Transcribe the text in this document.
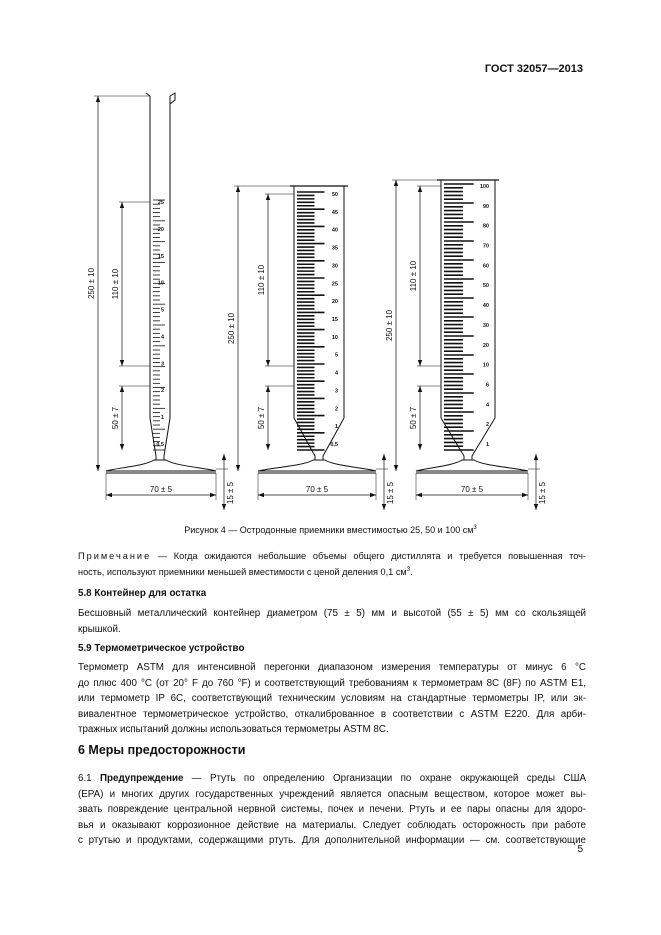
ГОСТ 32057—2013
25
20
15
10
5
4
3
2
1
0,5
250 ± 10 110 ± 10
50 ± 7
70 ± 5	15 ± 5
50
45
40
35
30
25
20
15
10
5
4
3
2
1
0,5
250 ± 10
110 ± 10
50 ± 7
70 ± 5	15 ± 5
100
90
80
70
60
50
40
30
20
10
6
4
2
1
250 ± 10
110 ± 10
50 ± 7
70 ± 5	15 ± 5
Рисунок 4 — Остродонные приемники вместимостью 25, 50 и 100 $см^3$
Примечание — Когда ожидаются небольшие объемы общего дистиллята и требуется повышенная точ-
ность, используют приемники меньшей вместимости с ценой деления 0,1 $см^3$.
5.8 Контейнер для остатка
Бесшовный металлический контейнер диаметром (75 ± 5) мм и высотой (55 ± 5) мм со скользящей
крышкой.
5.9 Термометрическое устройство
Термометр ASTM для интенсивной перегонки диапазоном измерения температуры от минус 6 °С
до плюс 400 °С (от 20° F до 760 °F) и соответствующий требованиям к термометрам 8С (8F) по ASTM E1,
или термометр IP 6C, соответствующий техническим условиям на стандартные термометры IP, или эк-
вивалентное термометрическое устройство, откалиброванное в соответствии с ASTM E220. Для арби-
тражных испытаний должны использоваться термометры ASTM 8C.
6 Меры предосторожности
6.1 Предупреждение — Ртуть по определению Организации по охране окружающей среды США
(EPA) и многих других государственных учреждений является опасным веществом, которое может вы-
звать повреждение центральной нервной системы, почек и печени. Ртуть и ее пары опасны для здоро-
вья и оказывают коррозионное действие на материалы. Следует соблюдать осторожность при работе
с ртутью и продуктами, содержащими ртуть. Для дополнительной информации — см. соответствующие
5
